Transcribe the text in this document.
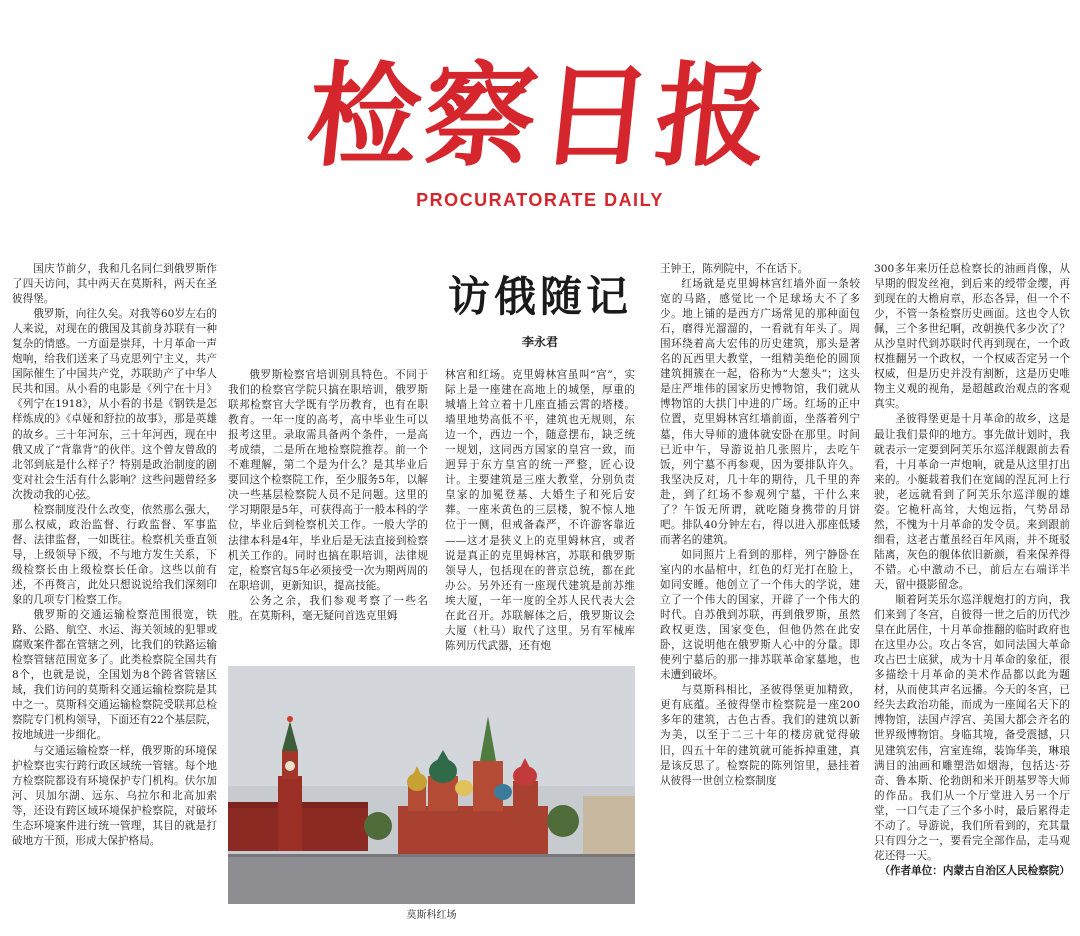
检察日报
PROCURATORATE DAILY

国庆节前夕，我和几名同仁到俄罗斯作了四天访问，其中两天在莫斯科，两天在圣彼得堡。

俄罗斯，向往久矣。对我等60岁左右的人来说，对现在的俄国及其前身苏联有一种复杂的情感。一方面是崇拜，十月革命一声炮响，给我们送来了马克思列宁主义，共产国际催生了中国共产党，苏联助产了中华人民共和国。从小看的电影是《列宁在十月》《列宁在1918》，从小看的书是《钢铁是怎样炼成的》《卓娅和舒拉的故事》，那是英雄的故乡。三十年河东，三十年河西，现在中俄又成了“背靠背”的伙伴。这个曾友曾敌的北邻到底是什么样子？特别是政治制度的剧变对社会生活有什么影响？这些问题曾经多次拨动我的心弦。

检察制度没什么改变，依然那么强大，那么权威，政治监督、行政监督、军事监督、法律监督，一如既往。检察机关垂直领导，上级领导下级，不与地方发生关系，下级检察长由上级检察长任命。这些以前有述，不再赘言，此处只想说说给我们深刻印象的几项专门检察工作。

俄罗斯的交通运输检察范围很宽，铁路、公路、航空、水运、海关领域的犯罪或腐败案件都在管辖之列，比我们的铁路运输检察管辖范围宽多了。此类检察院全国共有8个，也就是说，全国划为8个跨省管辖区域，我们访问的莫斯科交通运输检察院是其中之一。莫斯科交通运输检察院受联邦总检察院专门机构领导，下面还有22个基层院，按地域进一步细化。

与交通运输检察一样，俄罗斯的环境保护检察也实行跨行政区域统一管辖。每个地方检察院都设有环境保护专门机构。伏尔加河、贝加尔湖、远东、乌拉尔和北高加索等，还设有跨区域环境保护检察院，对破坏生态环境案件进行统一管理，其目的就是打破地方干预，形成大保护格局。

访俄随记
李永君

俄罗斯检察官培训别具特色。不同于我们的检察官学院只搞在职培训，俄罗斯联邦检察官大学既有学历教育，也有在职教育。一年一度的高考，高中毕业生可以报考这里。录取需具备两个条件，一是高考成绩，二是所在地检察院推荐。前一个不难理解，第二个是为什么？是其毕业后要回这个检察院工作，至少服务5年，以解决一些基层检察院人员不足问题。这里的学习期限是5年，可获得高于一般本科的学位，毕业后到检察机关工作。一般大学的法律本科是4年，毕业后是无法直接到检察机关工作的。同时也搞在职培训，法律规定，检察官每5年必须接受一次为期两周的在职培训，更新知识，提高技能。

公务之余，我们参观考察了一些名胜。在莫斯科，毫无疑问首选克里姆

林宫和红场。克里姆林宫虽叫“宫”，实际上是一座建在高地上的城堡，厚重的城墙上耸立着十几座直插云霄的塔楼。墙里地势高低不平，建筑也无规则，东边一个，西边一个，随意摆布，缺乏统一规划，这同西方国家的皇宫一致，而迥异于东方皇宫的统一严整，匠心设计。主要建筑是三座大教堂，分别负责皇家的加冕登基、大婚生子和死后安葬。一座米黄色的三层楼，貌不惊人地位于一侧，但戒备森严，不许游客靠近——这才是狭义上的克里姆林宫，或者说是真正的克里姆林宫，苏联和俄罗斯领导人，包括现在的普京总统，都在此办公。另外还有一座现代建筑是前苏维埃大厦，一年一度的全苏人民代表大会在此召开。苏联解体之后，俄罗斯议会大厦（杜马）取代了这里。另有军械库陈列历代武器，还有炮

莫斯科红场

王钟王，陈列院中，不在话下。

红场就是克里姆林宫红墙外面一条较宽的马路，感觉比一个足球场大不了多少。地上铺的是西方广场常见的那种面包石，磨得光溜溜的，一看就有年头了。周围环绕着高大宏伟的历史建筑，那头是著名的瓦西里大教堂，一组精美绝伦的圆顶建筑拥簇在一起，俗称为“大葱头”；这头是庄严堆伟的国家历史博物馆，我们就从博物馆的大拱门中进的广场。红场的正中位置，克里姆林宫红墙前面，坐落着列宁墓，伟大导师的遗体就安卧在那里。时间已近中午，导游说拍几张照片，去吃午饭，列宁墓不再参观，因为要排队许久。我坚决反对，几十年的期待，几千里的奔赴，到了红场不参观列宁墓，干什么来了？午饭无所谓，就吃随身携带的月饼吧。排队40分钟左右，得以进入那座低矮而著名的建筑。

如同照片上看到的那样，列宁静卧在室内的水晶棺中，红色的灯光打在脸上，如同安睡。他创立了一个伟大的学说，建立了一个伟大的国家，开辟了一个伟大的时代。自苏俄到苏联，再到俄罗斯，虽然政权更迭，国家变色，但他仍然在此安卧，这说明他在俄罗斯人心中的分量。即使列宁墓后的那一排苏联革命家墓地，也未遭到破坏。

与莫斯科相比，圣彼得堡更加精致，更有底蕴。圣彼得堡市检察院是一座200多年的建筑，古色古香。我们的建筑以新为美，以至于二三十年的楼房就觉得破旧，四五十年的建筑就可能拆掉重建，真是该反思了。检察院的陈列馆里，悬挂着从彼得一世创立检察制度

300多年来历任总检察长的油画肖像，从早期的假发丝袍，到后来的绶带金缨，再到现在的大檐肩章，形态各异，但一个不少，不管一条检察历史画面。这也令人钦佩，三个多世纪啊，改朝换代多少次了？从沙皇时代到苏联时代再到现在，一个政权推翻另一个政权，一个权威否定另一个权威，但是历史并没有割断，这是历史唯物主义观的视角，是超越政治观点的客观真实。

圣彼得堡更是十月革命的故乡，这是最让我们景仰的地方。事先做计划时，我就表示一定要到阿芙乐尔巡洋舰跟前去看看，十月革命一声炮响，就是从这里打出来的。小艇载着我们在宽阔的涅瓦河上行驶，老远就看到了阿芙乐尔巡洋舰的雄姿。它桅杆高耸，大炮远指，气势昂昂然，不愧为十月革命的发令员。来到跟前细看，这老古董虽经百年风雨，并不斑驳陆离，灰色的舰体依旧新颜，看来保养得不错。心中激动不已，前后左右端详半天，留中摄影留念。

顺着阿芙乐尔巡洋舰炮打的方向，我们来到了冬宫，自彼得一世之后的历代沙皇在此居住，十月革命推翻的临时政府也在这里办公。攻占冬宫，如同法国大革命攻占巴士底狱，成为十月革命的象征，很多描绘十月革命的美术作品都以此为题材，从而使其声名远播。今天的冬宫，已经失去政治功能，而成为一座闻名天下的博物馆，法国卢浮宫、美国大都会齐名的世界级博物馆。身临其境，备受震撼，只见建筑宏伟，宫室连绵，装饰华美，琳琅满目的油画和雕塑浩如烟海，包括达·芬奇、鲁本斯、伦勃朗和米开朗基罗等大师的作品。我们从一个厅堂进入另一个厅堂，一口气走了三个多小时，最后累得走不动了。导游说，我们所看到的，充其量只有四分之一，要看完全部作品，走马观花还得一天。

（作者单位：内蒙古自治区人民检察院）
